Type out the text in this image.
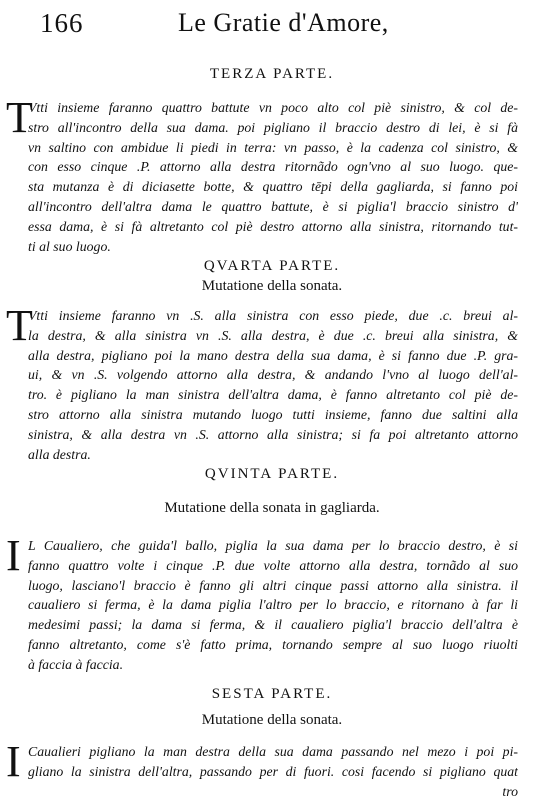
166	Le Gratie d'Amore,
TERZA PARTE.
T
Vtti insieme faranno quattro battute vn poco alto col piè sinistro, & col de-
stro all'incontro della sua dama. poi pigliano il braccio destro di lei, è si fà
vn saltino con ambidue li piedi in terra: vn passo, è la cadenza col sinistro, &
con esso cinque .P. attorno alla destra ritornãdo ogn'vno al suo luogo. que-
sta mutanza è di diciasette botte, & quattro tēpi della gagliarda, si fanno poi
all'incontro dell'altra dama le quattro battute, è si piglia'l braccio sinistro d'
essa dama, è si fà altretanto col piè destro attorno alla sinistra, ritornando tut-
ti al suo luogo.
QVARTA PARTE.
Mutatione della sonata.
T
Vtti insieme faranno vn .S. alla sinistra con esso piede, due .c. breui al-
la destra, & alla sinistra vn .S. alla destra, è due .c. breui alla sinistra, &
alla destra, pigliano poi la mano destra della sua dama, è si fanno due .P. gra-
ui, & vn .S. volgendo attorno alla destra, & andando l'vno al luogo dell'al-
tro. è pigliano la man sinistra dell'altra dama, è fanno altretanto col piè de-
stro attorno alla sinistra mutando luogo tutti insieme, fanno due saltini alla
sinistra, & alla destra vn .S. attorno alla sinistra; si fa poi altretanto attorno
alla destra.
QVINTA PARTE.
Mutatione della sonata in gagliarda.
I L Caualiero, che guida'l ballo, piglia la sua dama per lo braccio destro, è si
fanno quattro volte i cinque .P. due volte attorno alla destra, tornãdo al suo
luogo, lasciano'l braccio è fanno gli altri cinque passi attorno alla sinistra. il
caualiero si ferma, è la dama piglia l'altro per lo braccio, e ritornano à far li
medesimi passi; la dama si ferma, & il caualiero piglia'l braccio dell'altra è
fanno altretanto, come s'è fatto prima, tornando sempre al suo luogo riuolti
à faccia à faccia.
SESTA PARTE.
Mutatione della sonata.
I Caualieri pigliano la man destra della sua dama passando nel mezo i poi pi-
gliano la sinistra dell'altra, passando per di fuori. cosi facendo si pigliano quat
tro
